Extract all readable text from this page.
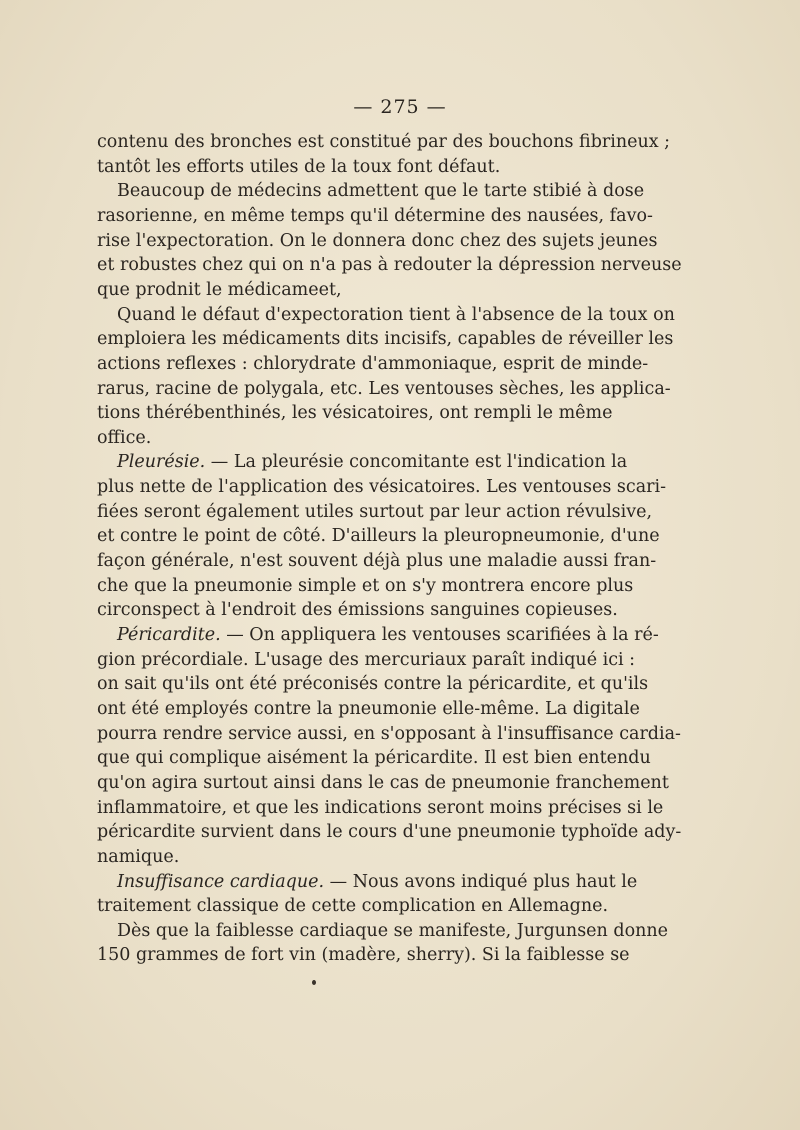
— 275 —
contenu des bronches est constitué par des bouchons fibrineux ;
tantôt les efforts utiles de la toux font défaut.
Beaucoup de médecins admettent que le tarte stibié à dose
rasorienne, en même temps qu'il détermine des nausées, favo-
rise l'expectoration. On le donnera donc chez des sujets jeunes
et robustes chez qui on n'a pas à redouter la dépression nerveuse
que prodnit le médicameet,
Quand le défaut d'expectoration tient à l'absence de la toux on
emploiera les médicaments dits incisifs, capables de réveiller les
actions reflexes : chlorydrate d'ammoniaque, esprit de minde-
rarus, racine de polygala, etc. Les ventouses sèches, les applica-
tions thérébenthinés, les vésicatoires, ont rempli le même
office.
Pleurésie. — La pleurésie concomitante est l'indication la
plus nette de l'application des vésicatoires. Les ventouses scari-
fiées seront également utiles surtout par leur action révulsive,
et contre le point de côté. D'ailleurs la pleuropneumonie, d'une
façon générale, n'est souvent déjà plus une maladie aussi fran-
che que la pneumonie simple et on s'y montrera encore plus
circonspect à l'endroit des émissions sanguines copieuses.
Péricardite. — On appliquera les ventouses scarifiées à la ré-
gion précordiale. L'usage des mercuriaux paraît indiqué ici :
on sait qu'ils ont été préconisés contre la péricardite, et qu'ils
ont été employés contre la pneumonie elle-même. La digitale
pourra rendre service aussi, en s'opposant à l'insuffisance cardia-
que qui complique aisément la péricardite. Il est bien entendu
qu'on agira surtout ainsi dans le cas de pneumonie franchement
inflammatoire, et que les indications seront moins précises si le
péricardite survient dans le cours d'une pneumonie typhoïde ady-
namique.
Insuffisance cardiaque. — Nous avons indiqué plus haut le
traitement classique de cette complication en Allemagne.
Dès que la faiblesse cardiaque se manifeste, Jurgunsen donne
150 grammes de fort vin (madère, sherry). Si la faiblesse se
